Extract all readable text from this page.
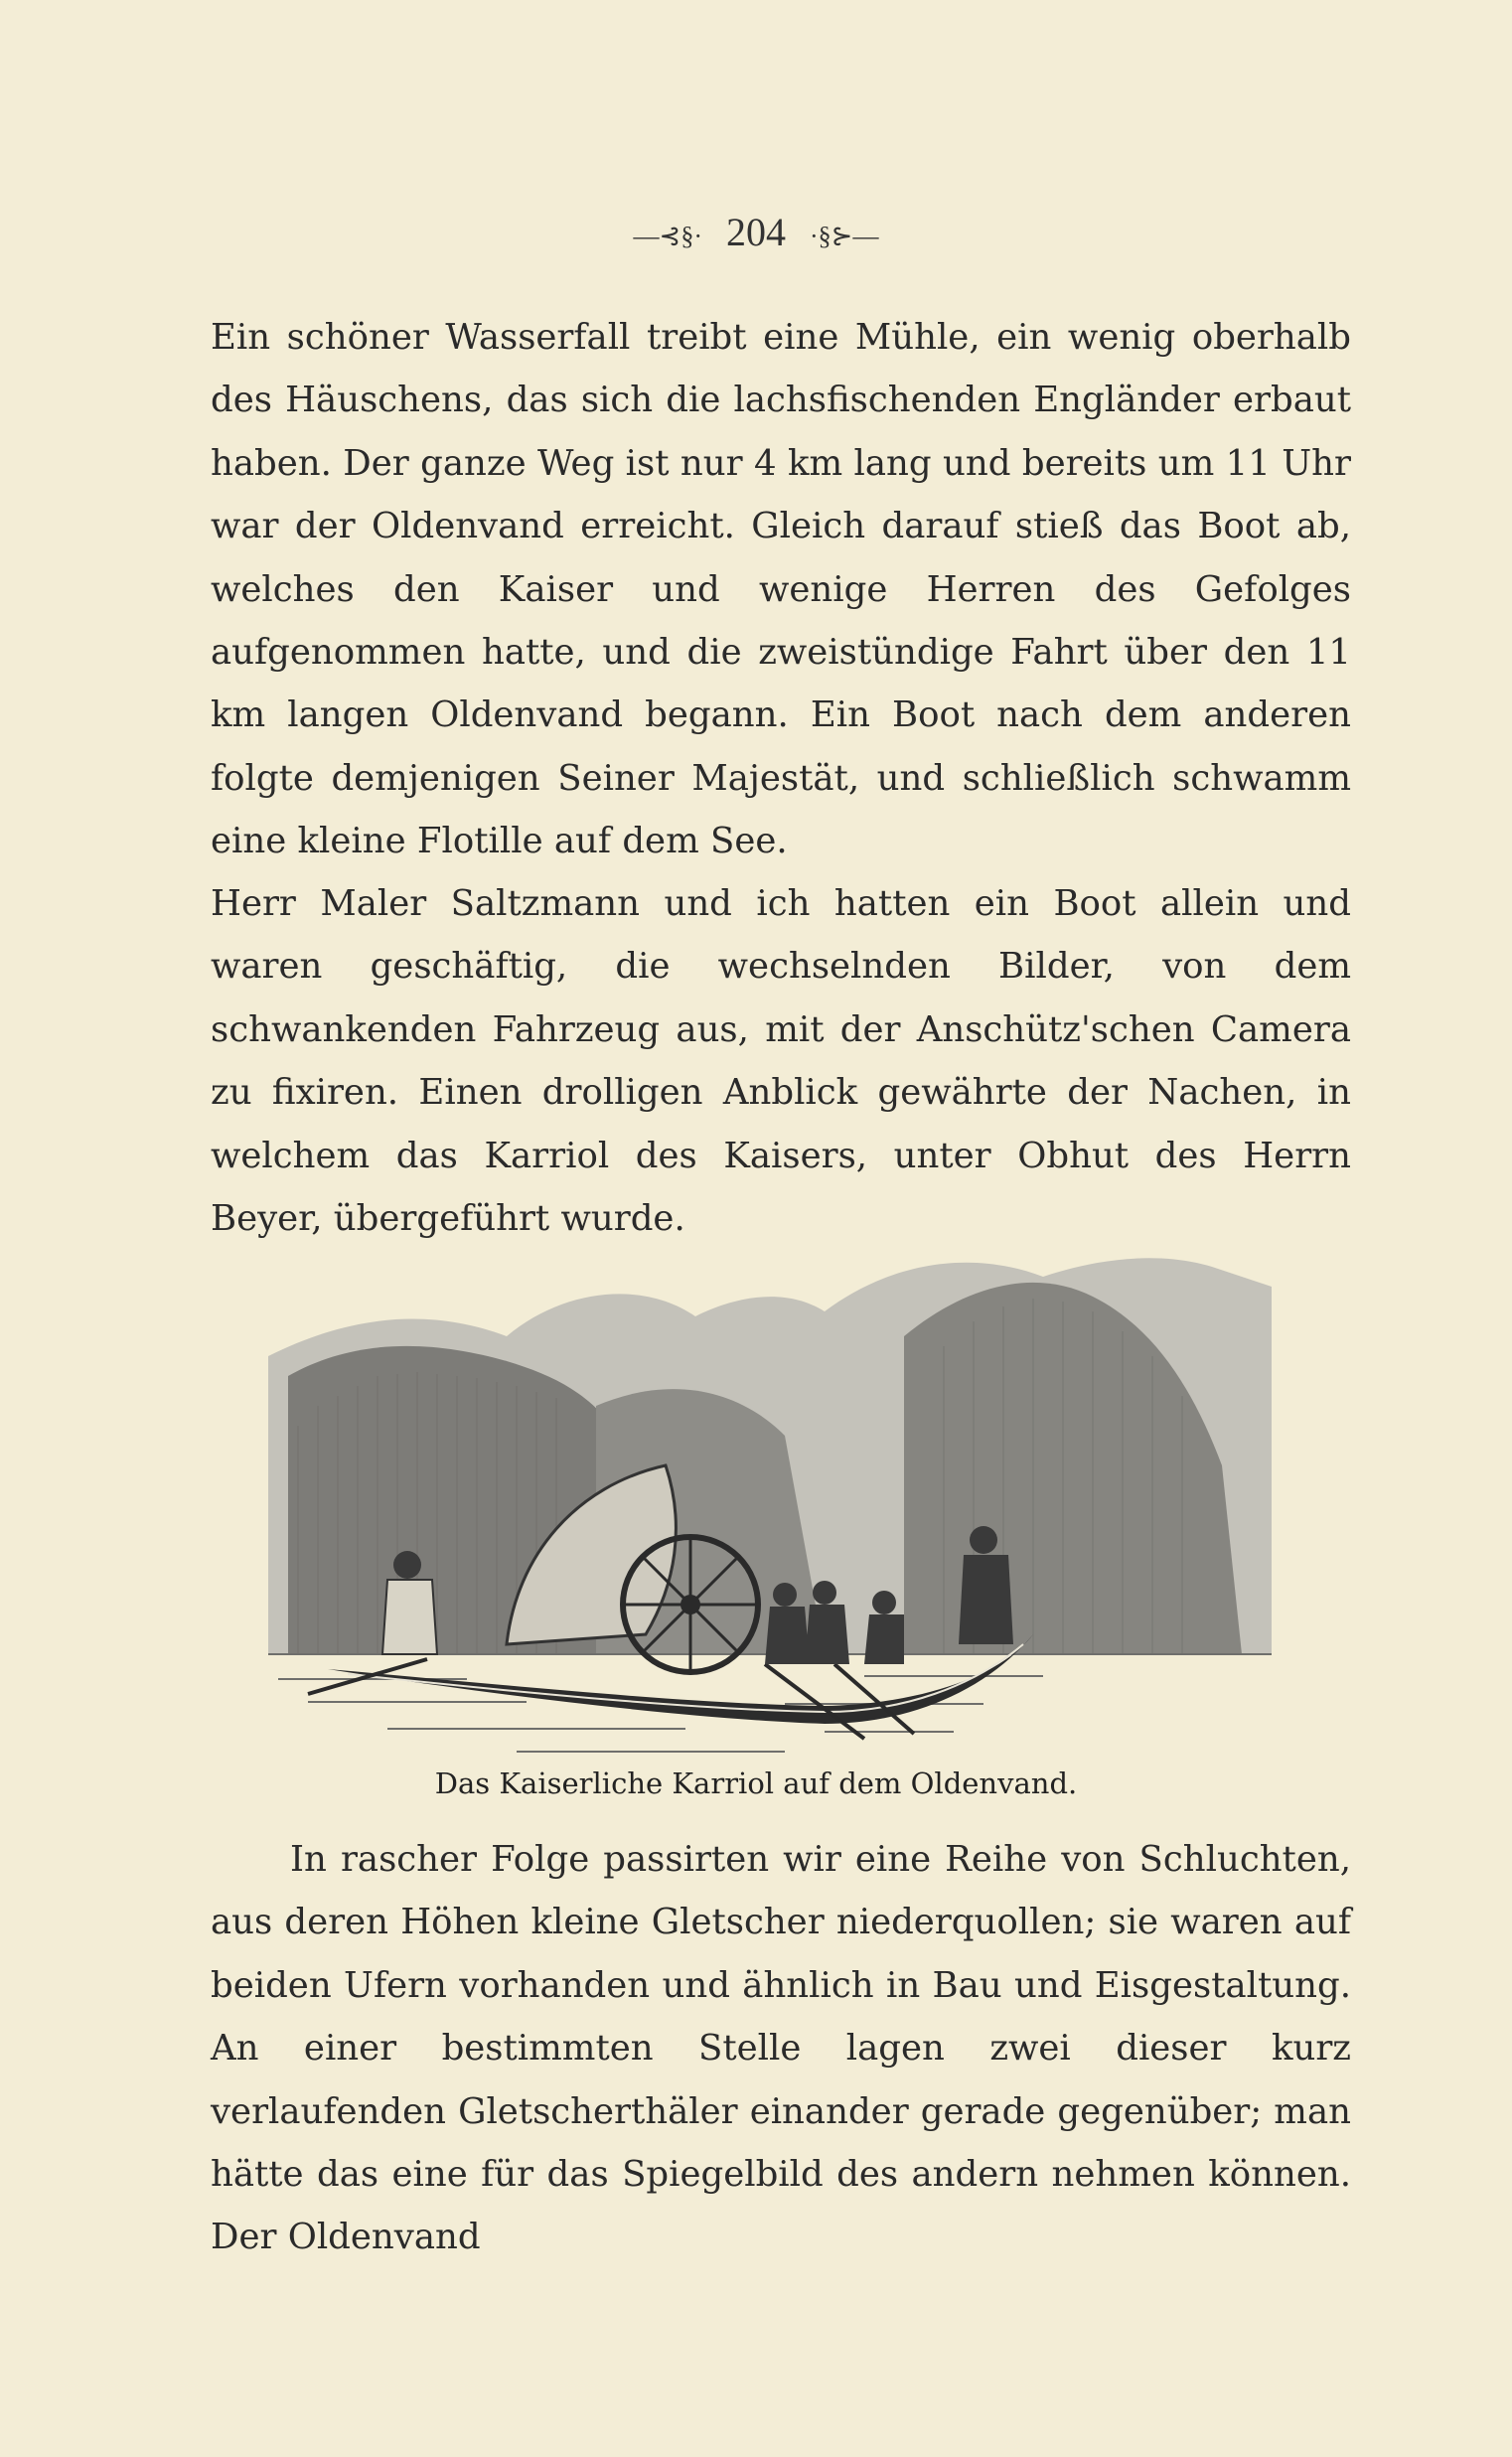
—⊰§· 204 ·§⊱—

Ein schöner Wasserfall treibt eine Mühle, ein wenig oberhalb des Häuschens, das sich die lachsfischenden Engländer erbaut haben. Der ganze Weg ist nur 4 km lang und bereits um 11 Uhr war der Oldenvand erreicht. Gleich darauf stieß das Boot ab, welches den Kaiser und wenige Herren des Gefolges aufgenommen hatte, und die zweistündige Fahrt über den 11 km langen Oldenvand begann. Ein Boot nach dem anderen folgte demjenigen Seiner Majestät, und schließlich schwamm eine kleine Flotille auf dem See.

Herr Maler Saltzmann und ich hatten ein Boot allein und waren geschäftig, die wechselnden Bilder, von dem schwankenden Fahrzeug aus, mit der Anschütz'schen Camera zu fixiren. Einen drolligen Anblick gewährte der Nachen, in welchem das Karriol des Kaisers, unter Obhut des Herrn Beyer, übergeführt wurde.

Das Kaiserliche Karriol auf dem Oldenvand.

In rascher Folge passirten wir eine Reihe von Schluchten, aus deren Höhen kleine Gletscher niederquollen; sie waren auf beiden Ufern vorhanden und ähnlich in Bau und Eisgestaltung. An einer bestimmten Stelle lagen zwei dieser kurz verlaufenden Gletscherthäler einander gerade gegenüber; man hätte das eine für das Spiegelbild des andern nehmen können. Der Oldenvand
